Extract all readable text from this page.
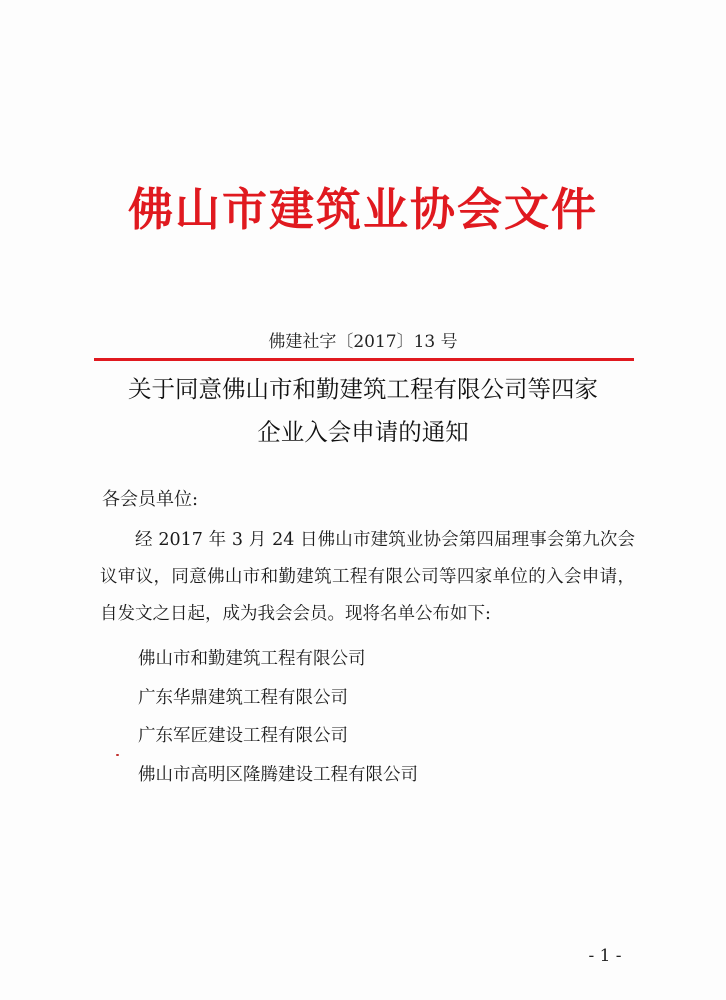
佛山市建筑业协会文件
佛建社字〔2017〕13 号
关于同意佛山市和勤建筑工程有限公司等四家
企业入会申请的通知
各会员单位:
经 2017 年 3 月 24 日佛山市建筑业协会第四届理事会第九次会议审议，同意佛山市和勤建筑工程有限公司等四家单位的入会申请，自发文之日起，成为我会会员。现将名单公布如下:
佛山市和勤建筑工程有限公司
广东华鼎建筑工程有限公司
广东军匠建设工程有限公司
佛山市高明区隆腾建设工程有限公司
- 1 -
